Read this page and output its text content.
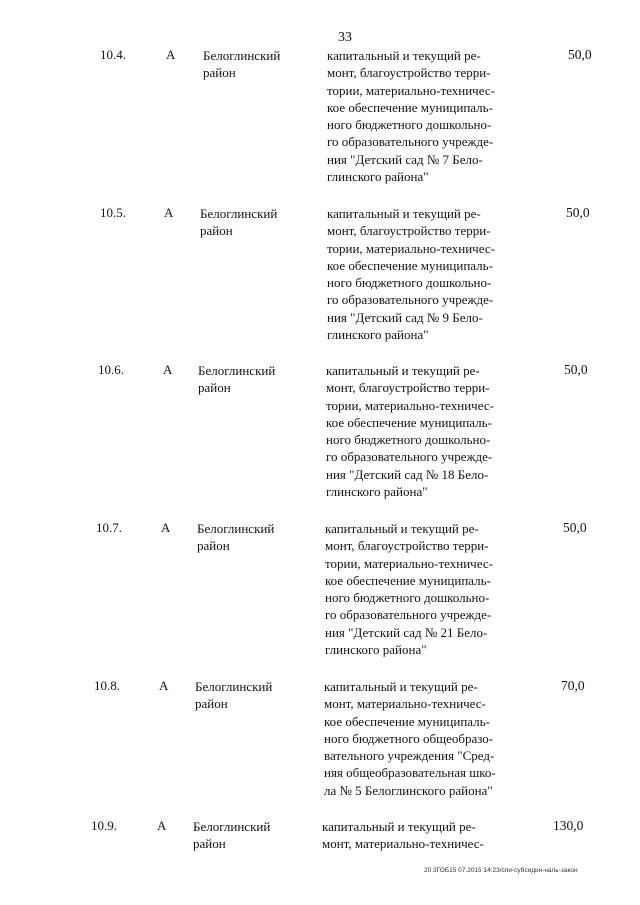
33
10.4.	А Белоглинский район
капитальный и текущий ре-
монт, благоустройство терри-
тории, материально-техничес-
кое обеспечение муниципаль-
ного бюджетного дошкольно-
го образовательного учрежде-
ния "Детский сад № 7 Бело-
глинского района"
50,0
10.5.	А Белоглинский район
капитальный и текущий ре-
монт, благоустройство терри-
тории, материально-техничес-
кое обеспечение муниципаль-
ного бюджетного дошкольно-
го образовательного учрежде-
ния "Детский сад № 9 Бело-
глинского района"
50,0
10.6.	А Белоглинский район
капитальный и текущий ре-
монт, благоустройство терри-
тории, материально-техничес-
кое обеспечение муниципаль-
ного бюджетного дошкольно-
го образовательного учрежде-
ния "Детский сад № 18 Бело-
глинского района"
50,0
10.7.	А Белоглинский район
капитальный и текущий ре-
монт, благоустройство терри-
тории, материально-техничес-
кое обеспечение муниципаль-
ного бюджетного дошкольно-
го образовательного учрежде-
ния "Детский сад № 21 Бело-
глинского района"
50,0
10.8.	А Белоглинский район
капитальный и текущий ре-
монт, материально-техничес-
кое обеспечение муниципаль-
ного бюджетного общеобразо-
вательного учреждения "Сред-
няя общеобразовательная шко-
ла № 5 Белоглинского района"
70,0
10.9.	А Белоглинский район
капитальный и текущий ре-
монт, материально-техничес-
130,0
20 3ГОБ15 07.2015 14:23/спи-субсидия-наль-закон
